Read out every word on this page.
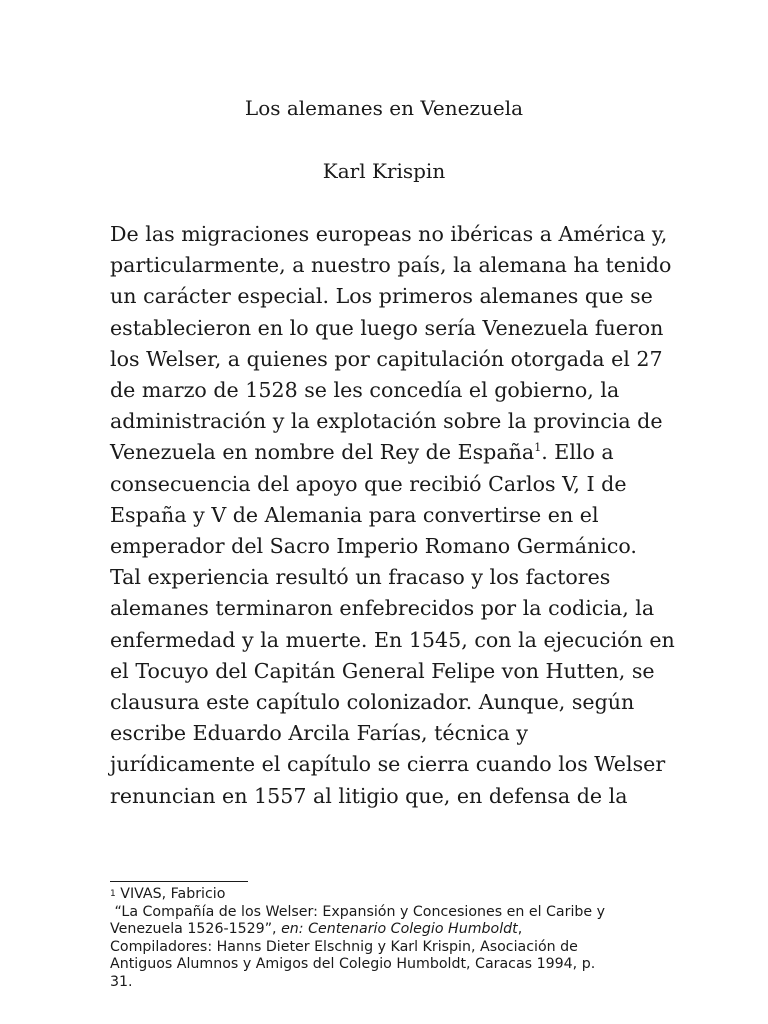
Los alemanes en Venezuela
Karl Krispin
De las migraciones europeas no ibéricas a América y,
particularmente, a nuestro país, la alemana ha tenido
un carácter especial. Los primeros alemanes que se
establecieron en lo que luego sería Venezuela fueron
los Welser, a quienes por capitulación otorgada el 27
de marzo de 1528 se les concedía el gobierno, la
administración y la explotación sobre la provincia de
Venezuela en nombre del Rey de España$^1$. Ello a
consecuencia del apoyo que recibió Carlos V, I de
España y V de Alemania para convertirse en el
emperador del Sacro Imperio Romano Germánico.
Tal experiencia resultó un fracaso y los factores
alemanes terminaron enfebrecidos por la codicia, la
enfermedad y la muerte. En 1545, con la ejecución en
el Tocuyo del Capitán General Felipe von Hutten, se
clausura este capítulo colonizador. Aunque, según
escribe Eduardo Arcila Farías, técnica y
jurídicamente el capítulo se cierra cuando los Welser
renuncian en 1557 al litigio que, en defensa de la
1 VIVAS, Fabricio
“La Compañía de los Welser: Expansión y Concesiones en el Caribe y
Venezuela 1526-1529”, en: Centenario Colegio Humboldt,
Compiladores: Hanns Dieter Elschnig y Karl Krispin, Asociación de
Antiguos Alumnos y Amigos del Colegio Humboldt, Caracas 1994, p.
31.
